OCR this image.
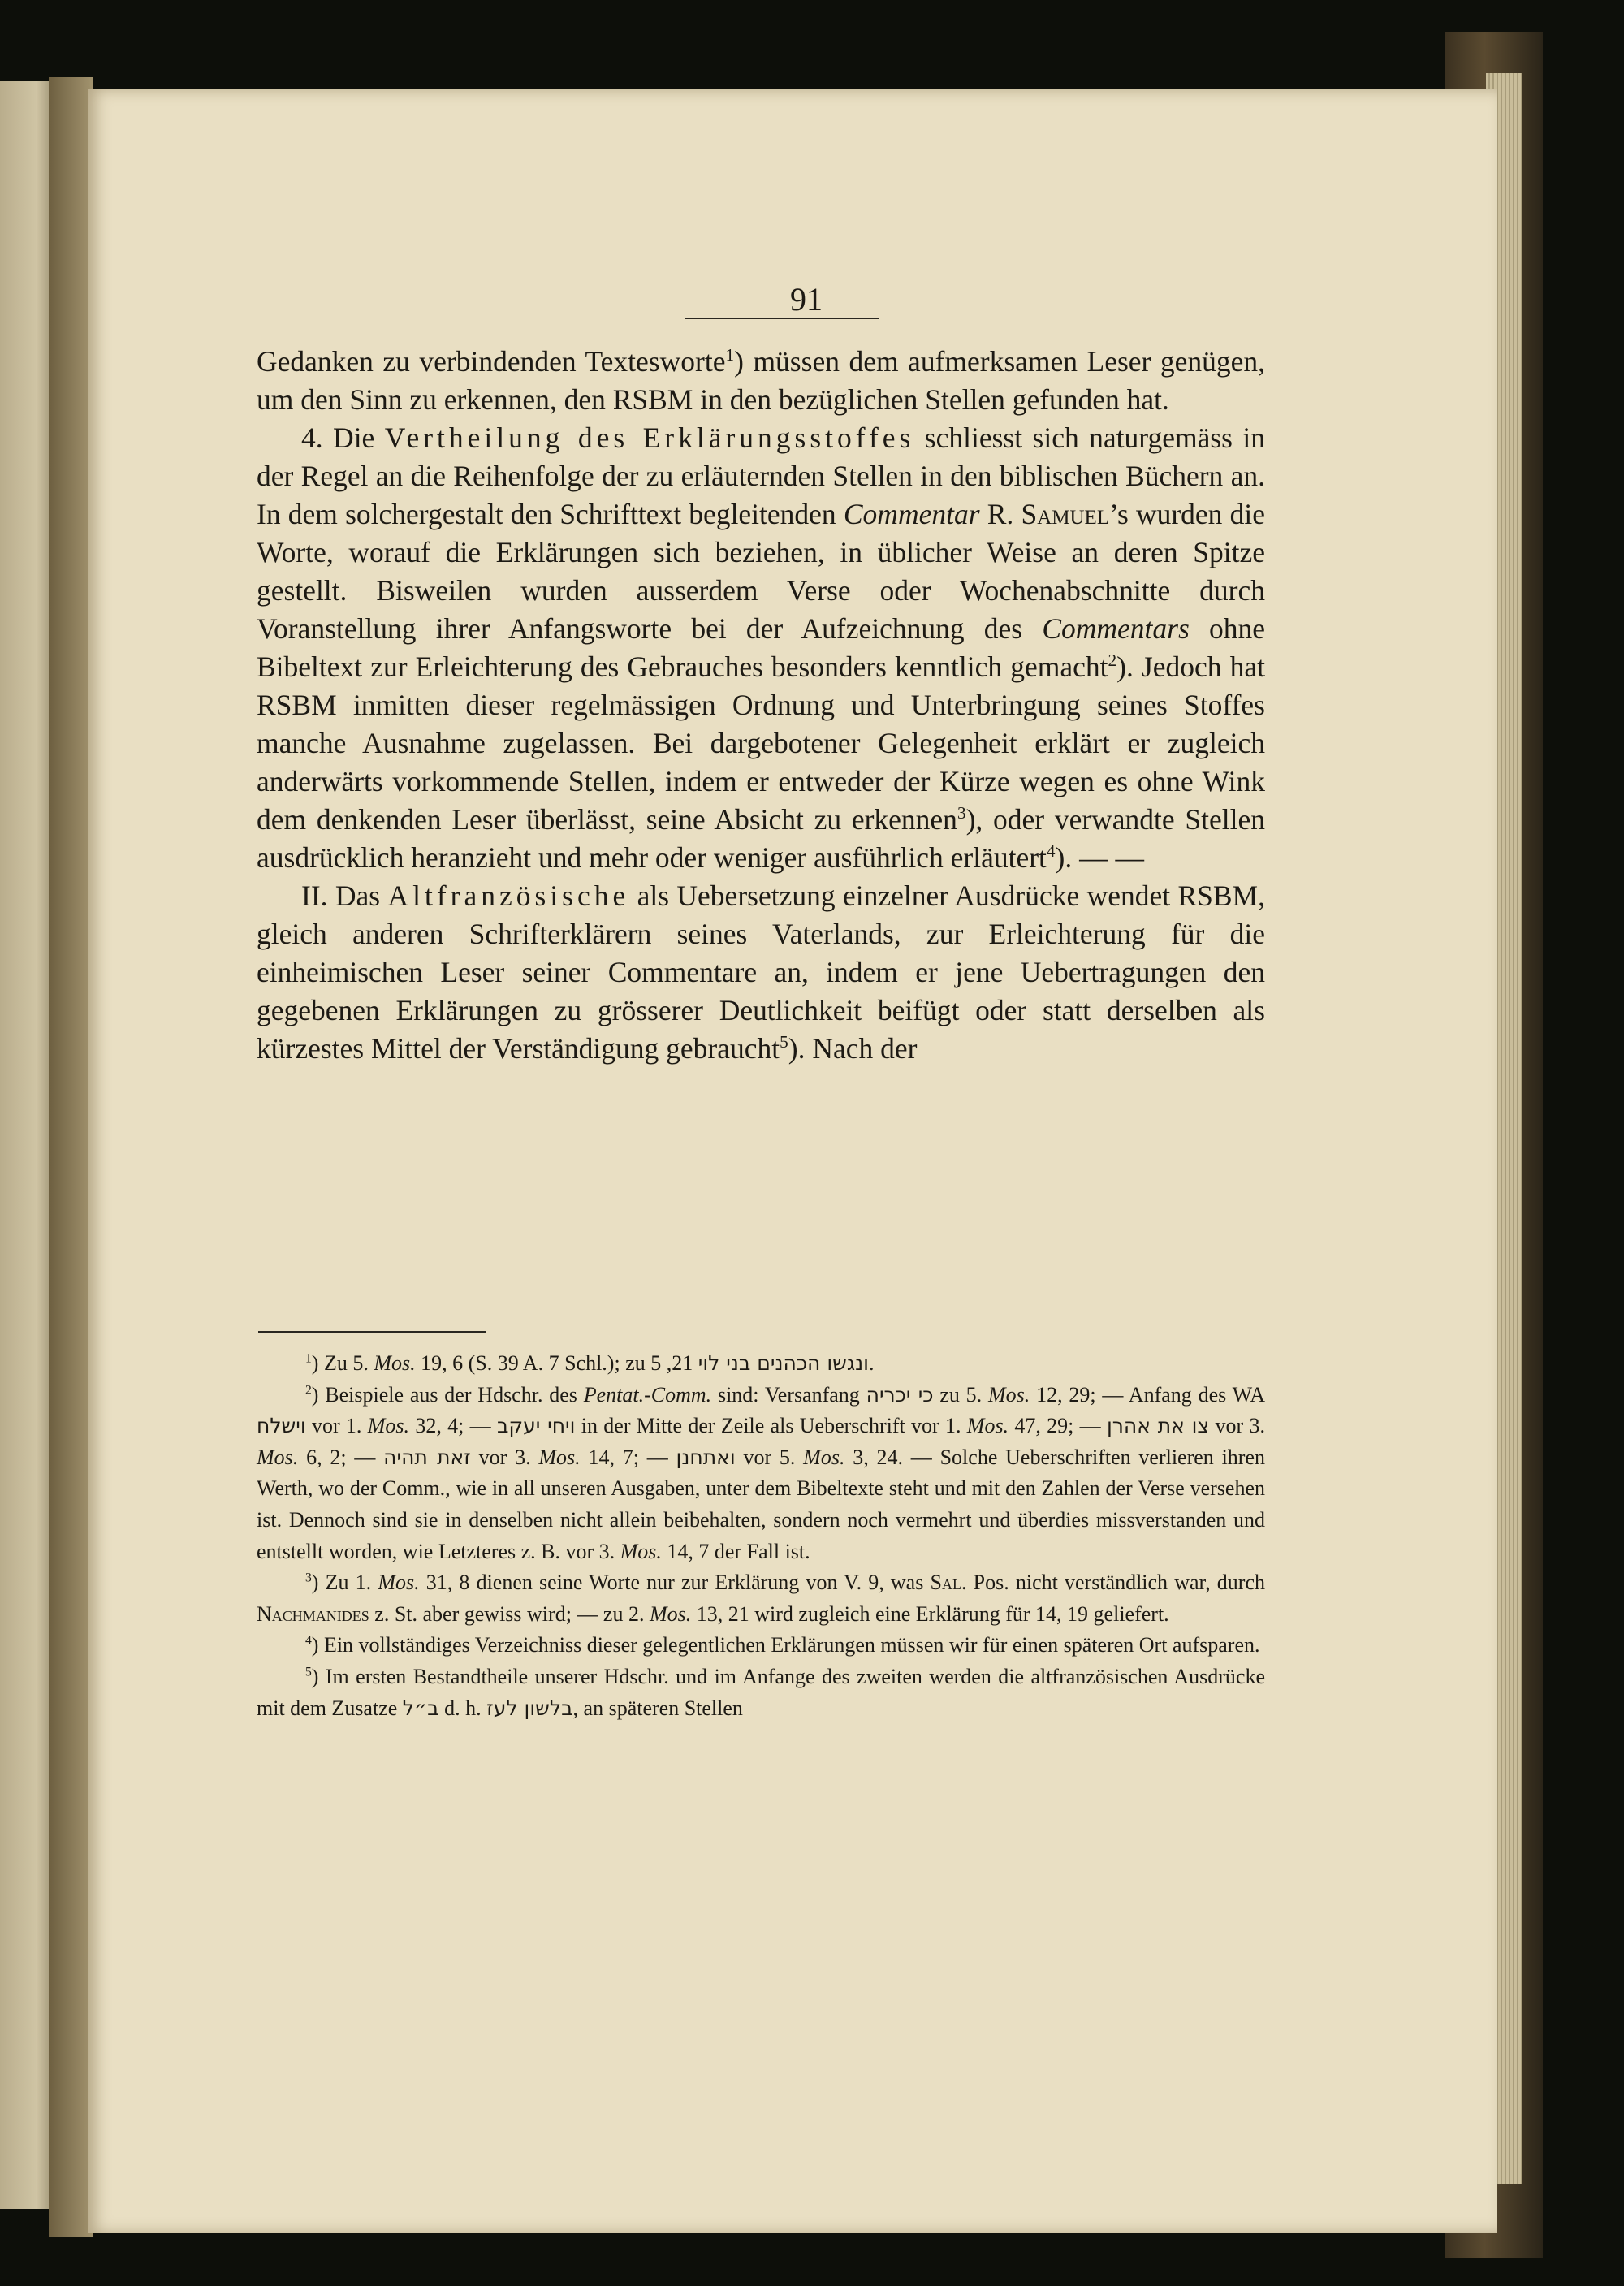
91

Gedanken zu verbindenden Textesworte$^1$) müssen dem aufmerksamen Leser genügen, um den Sinn zu erkennen, den RSBM in den bezüglichen Stellen gefunden hat.

4. Die Vertheilung des Erklärungsstoffes schliesst sich naturgemäss in der Regel an die Reihenfolge der zu erläuternden Stellen in den biblischen Büchern an. In dem solchergestalt den Schrifttext begleitenden Commentar R. Samuel’s wurden die Worte, worauf die Erklärungen sich beziehen, in üblicher Weise an deren Spitze gestellt. Bisweilen wurden ausserdem Verse oder Wochenabschnitte durch Voranstellung ihrer Anfangsworte bei der Aufzeichnung des Commentars ohne Bibeltext zur Erleichterung des Gebrauches besonders kenntlich gemacht$^2$). Jedoch hat RSBM inmitten dieser regelmässigen Ordnung und Unterbringung seines Stoffes manche Ausnahme zugelassen. Bei dargebotener Gelegenheit erklärt er zugleich anderwärts vorkommende Stellen, indem er entweder der Kürze wegen es ohne Wink dem denkenden Leser überlässt, seine Absicht zu erkennen$^3$), oder verwandte Stellen ausdrücklich heranzieht und mehr oder weniger ausführlich erläutert$^4$). — —

II. Das Altfranzösische als Uebersetzung einzelner Ausdrücke wendet RSBM, gleich anderen Schrifterklärern seines Vaterlands, zur Erleichterung für die einheimischen Leser seiner Commentare an, indem er jene Uebertragungen den gegebenen Erklärungen zu grösserer Deutlichkeit beifügt oder statt derselben als kürzestes Mittel der Verständigung gebraucht$^5$). Nach der

$^1$) Zu 5. Mos. 19, 6 (S. 39 A. 7 Schl.); zu ונגשו הכהנים בני לוי 21, 5.

$^2$) Beispiele aus der Hdschr. des Pentat.-Comm. sind: Versanfang כי יכריה zu 5. Mos. 12, 29; — Anfang des WA וישלח vor 1. Mos. 32, 4; — ויחי יעקב in der Mitte der Zeile als Ueberschrift vor 1. Mos. 47, 29; — צו את אהרן vor 3. Mos. 6, 2; — זאת תהיה vor 3. Mos. 14, 7; — ואתחנן vor 5. Mos. 3, 24. — Solche Ueberschriften verlieren ihren Werth, wo der Comm., wie in all unseren Ausgaben, unter dem Bibeltexte steht und mit den Zahlen der Verse versehen ist. Dennoch sind sie in denselben nicht allein beibehalten, sondern noch vermehrt und überdies missverstanden und entstellt worden, wie Letzteres z. B. vor 3. Mos. 14, 7 der Fall ist.

$^3$) Zu 1. Mos. 31, 8 dienen seine Worte nur zur Erklärung von V. 9, was Sal. Pos. nicht verständlich war, durch Nachmanides z. St. aber gewiss wird; — zu 2. Mos. 13, 21 wird zugleich eine Erklärung für 14, 19 geliefert.

$^4$) Ein vollständiges Verzeichniss dieser gelegentlichen Erklärungen müssen wir für einen späteren Ort aufsparen.

$^5$) Im ersten Bestandtheile unserer Hdschr. und im Anfange des zweiten werden die altfranzösischen Ausdrücke mit dem Zusatze ב״ל d. h. בלשון לעז, an späteren Stellen
